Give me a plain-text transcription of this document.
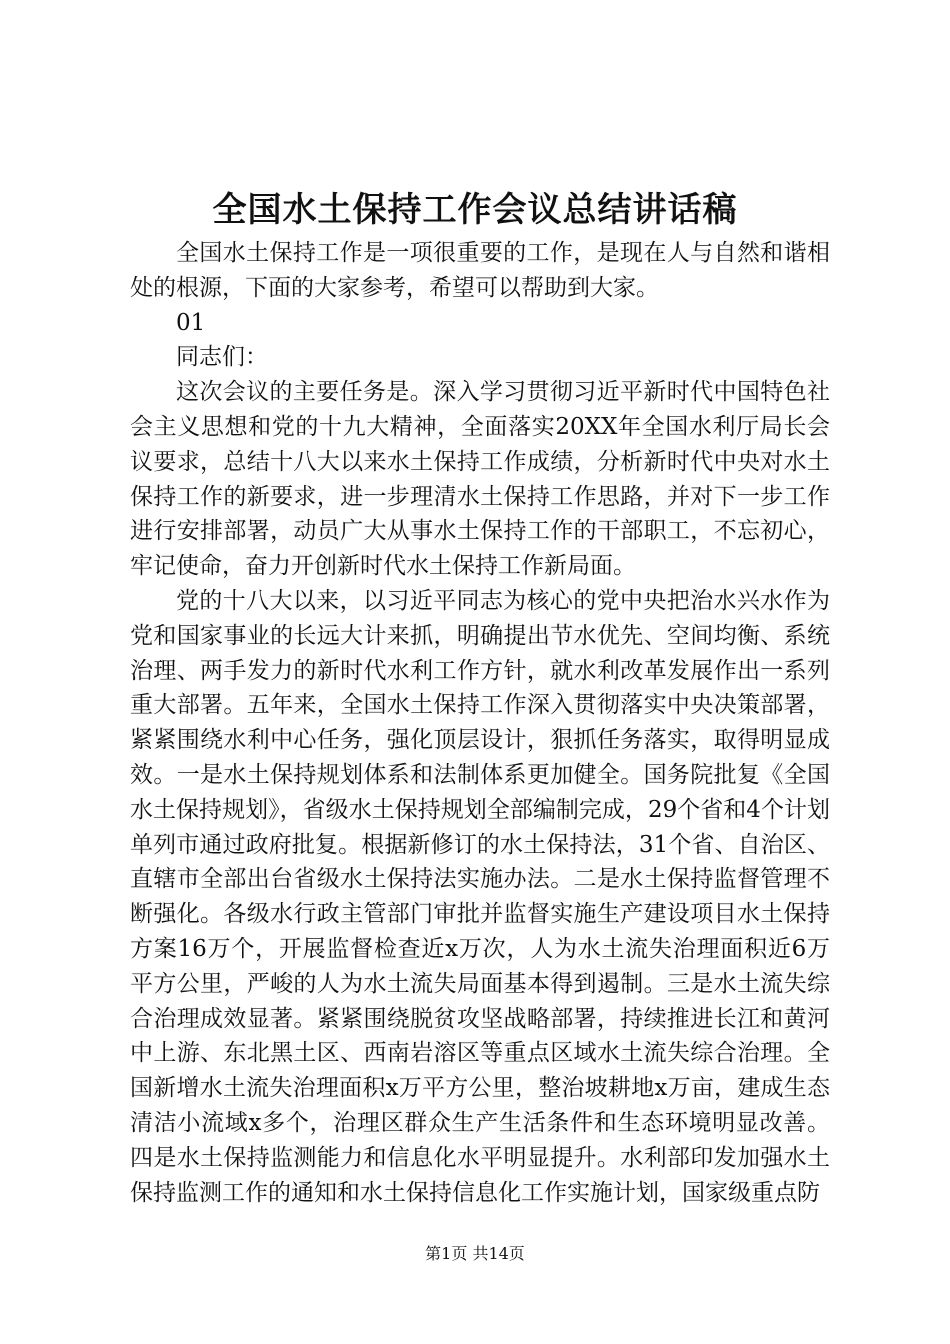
全国水土保持工作会议总结讲话稿

全国水土保持工作是一项很重要的工作，是现在人与自然和谐相处的根源，下面的大家参考，希望可以帮助到大家。

01

同志们：

这次会议的主要任务是。深入学习贯彻习近平新时代中国特色社会主义思想和党的十九大精神，全面落实20XX年全国水利厅局长会议要求，总结十八大以来水土保持工作成绩，分析新时代中央对水土保持工作的新要求，进一步理清水土保持工作思路，并对下一步工作进行安排部署，动员广大从事水土保持工作的干部职工，不忘初心，牢记使命，奋力开创新时代水土保持工作新局面。

党的十八大以来，以习近平同志为核心的党中央把治水兴水作为党和国家事业的长远大计来抓，明确提出节水优先、空间均衡、系统治理、两手发力的新时代水利工作方针，就水利改革发展作出一系列重大部署。五年来，全国水土保持工作深入贯彻落实中央决策部署，紧紧围绕水利中心任务，强化顶层设计，狠抓任务落实，取得明显成效。一是水土保持规划体系和法制体系更加健全。国务院批复《全国水土保持规划》，省级水土保持规划全部编制完成，29个省和4个计划单列市通过政府批复。根据新修订的水土保持法，31个省、自治区、直辖市全部出台省级水土保持法实施办法。二是水土保持监督管理不断强化。各级水行政主管部门审批并监督实施生产建设项目水土保持方案16万个，开展监督检查近x万次，人为水土流失治理面积近6万平方公里，严峻的人为水土流失局面基本得到遏制。三是水土流失综合治理成效显著。紧紧围绕脱贫攻坚战略部署，持续推进长江和黄河中上游、东北黑土区、西南岩溶区等重点区域水土流失综合治理。全国新增水土流失治理面积x万平方公里，整治坡耕地x万亩，建成生态清洁小流域x多个，治理区群众生产生活条件和生态环境明显改善。四是水土保持监测能力和信息化水平明显提升。水利部印发加强水土保持监测工作的通知和水土保持信息化工作实施计划，国家级重点防

第1页 共14页
